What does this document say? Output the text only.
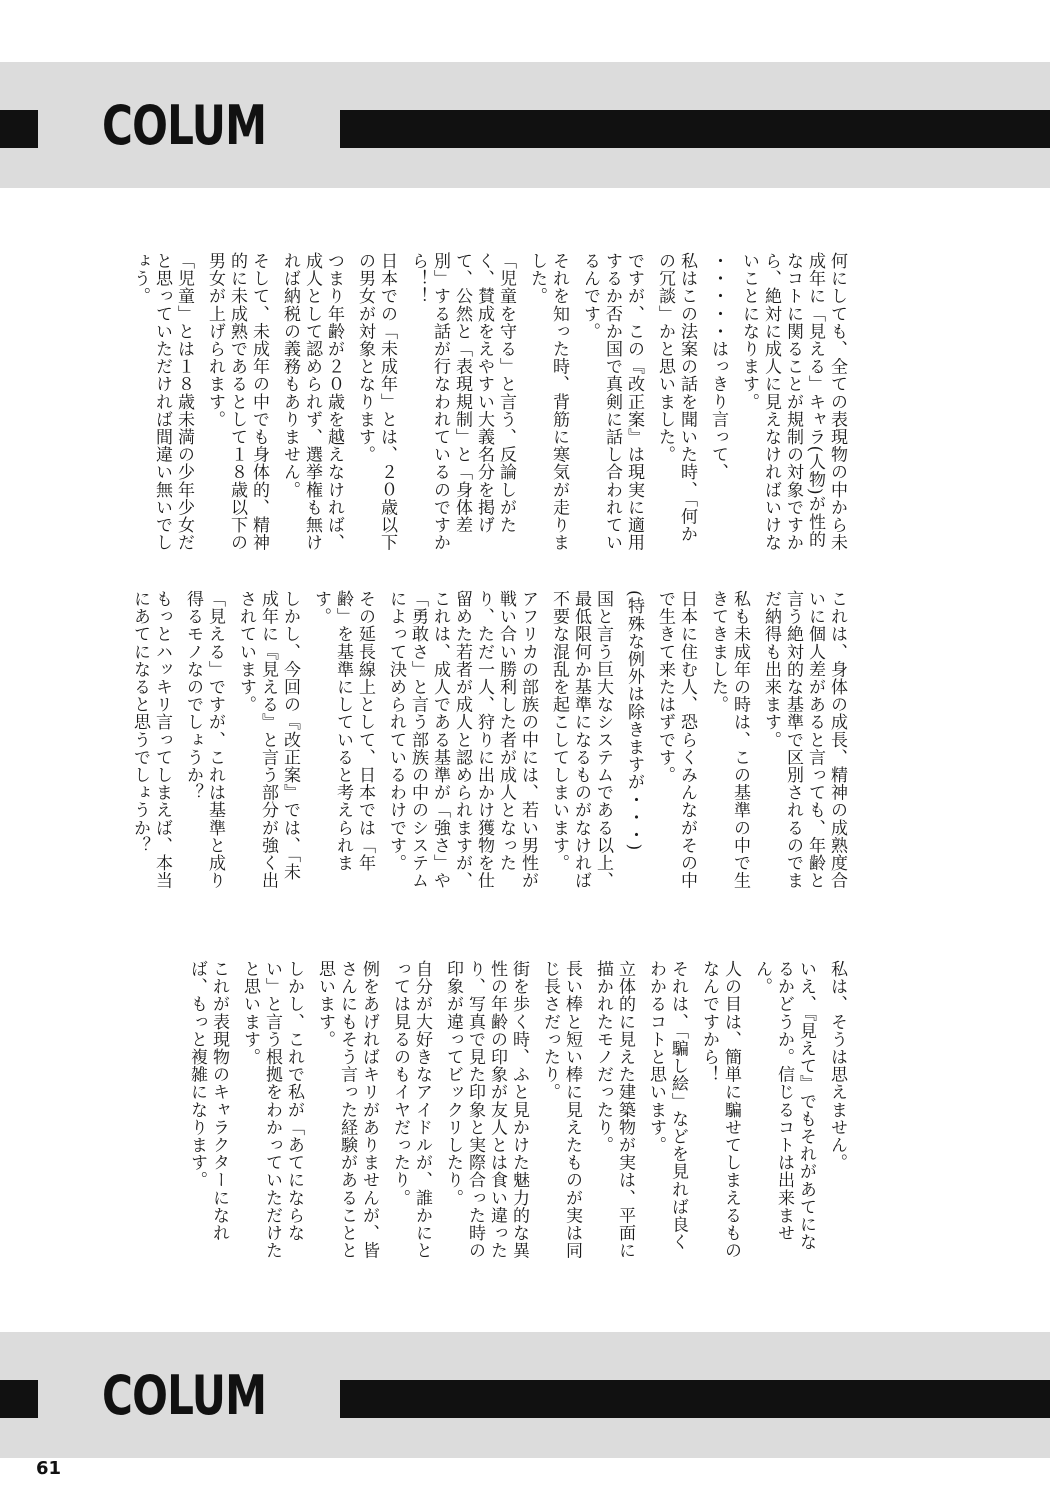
COLUM

何にしても、全ての表現物の中から未成年に「見える」キャラ(人物)が性的なコトに関ることが規制の対象ですから、絶対に成人に見えなければいけないことになります。

・・・・・はっきり言って、

私はこの法案の話を聞いた時、「何かの冗談」かと思いました。

ですが、この『改正案』は現実に適用するか否か国で真剣に話し合われているんです。

それを知った時、背筋に寒気が走りました。

「児童を守る」と言う、反論しがたく、賛成をえやすい大義名分を掲げて、公然と「表現規制」と「身体差別」する話が行なわれているのですから！！

日本での「未成年」とは、２０歳以下の男女が対象となります。

つまり年齢が２０歳を越えなければ、成人として認められず、選挙権も無ければ納税の義務もありません。

そして、未成年の中でも身体的、精神的に未成熟であるとして１８歳以下の男女が上げられます。

「児童」とは１８歳未満の少年少女だと思っていただければ間違い無いでしょう。

これは、身体の成長、精神の成熟度合いに個人差があると言っても、年齢と言う絶対的な基準で区別されるのでまだ納得も出来ます。

私も未成年の時は、この基準の中で生きてきました。

日本に住む人、恐らくみんながその中で生きて来たはずです。

(特殊な例外は除きますが・・・)

国と言う巨大なシステムである以上、最低限何か基準になるものがなければ不要な混乱を起こしてしまいます。

アフリカの部族の中には、若い男性が戦い合い勝利した者が成人となったり、ただ一人、狩りに出かけ獲物を仕留めた若者が成人と認められますが、これは、成人である基準が「強さ」や「勇敢さ」と言う部族の中のシステムによって決められているわけです。

その延長線上として、日本では「年齢」を基準にしていると考えられます。

しかし、今回の『改正案』では、「未成年に『見える』と言う部分が強く出されています。

「見える」ですが、これは基準と成り得るモノなのでしょうか？

もっとハッキリ言ってしまえば、本当にあてになると思うでしょうか？

私は、そうは思えません。

いえ、『見えて』でもそれがあてになるかどうか。信じるコトは出来ません。

人の目は、簡単に騙せてしまえるものなんですから！

それは、「騙し絵」などを見れば良くわかるコトと思います。

立体的に見えた建築物が実は、平面に描かれたモノだったり。

長い棒と短い棒に見えたものが実は同じ長さだったり。

街を歩く時、ふと見かけた魅力的な異性の年齢の印象が友人とは食い違ったり、写真で見た印象と実際合った時の印象が違ってビックリしたり。

自分が大好きなアイドルが、誰かにとっては見るのもイヤだったり。

例をあげればキリがありませんが、皆さんにもそう言った経験があることと思います。

しかし、これで私が「あてにならない」と言う根拠をわかっていただけたと思います。

これが表現物のキャラクターになれば、もっと複雑になります。

COLUM
61
